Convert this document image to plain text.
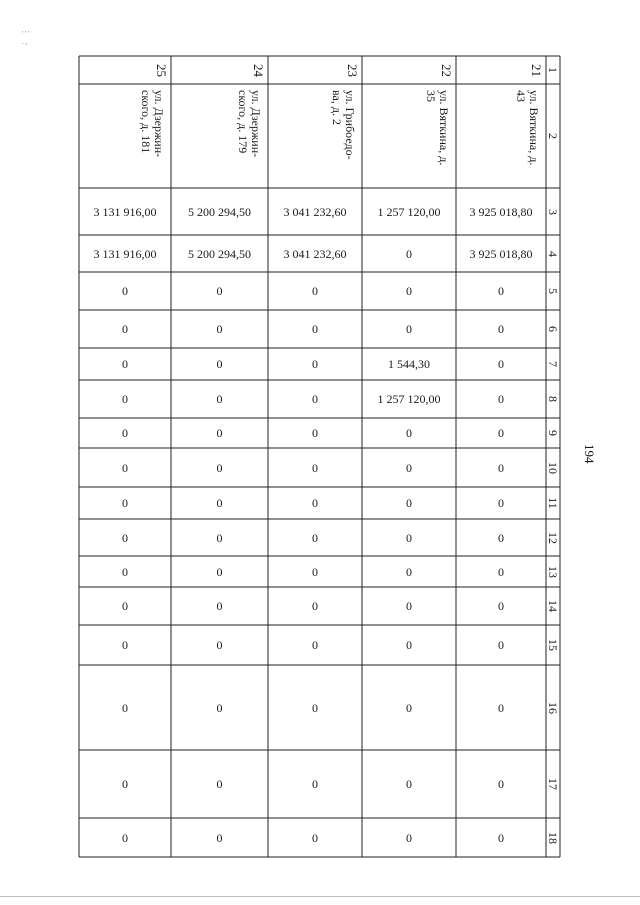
' ' '
. ,
1
2
3
4
5
6
7
8
9
10
11
12
13
14
15
16
17
18
21
ул. Вяткина, д. 43
3 925 018,80
3 925 018,80
0
0
0
0
0
0
0
0
0
0
0
0
0
0
22
ул. Вяткина, д. 35
1 257 120,00
0
0
0
1 544,30
1 257 120,00
0
0
0
0
0
0
0
0
0
0
23
ул. Грибоедо-ва, д. 2
3 041 232,60
3 041 232,60
0
0
0
0
0
0
0
0
0
0
0
0
0
0
24
ул. Дзержин-ского, д. 179
5 200 294,50
5 200 294,50
0
0
0
0
0
0
0
0
0
0
0
0
0
0
25
ул. Дзержин-ского, д. 181
3 131 916,00
3 131 916,00
0
0
0
0
0
0
0
0
0
0
0
0
0
0
194
